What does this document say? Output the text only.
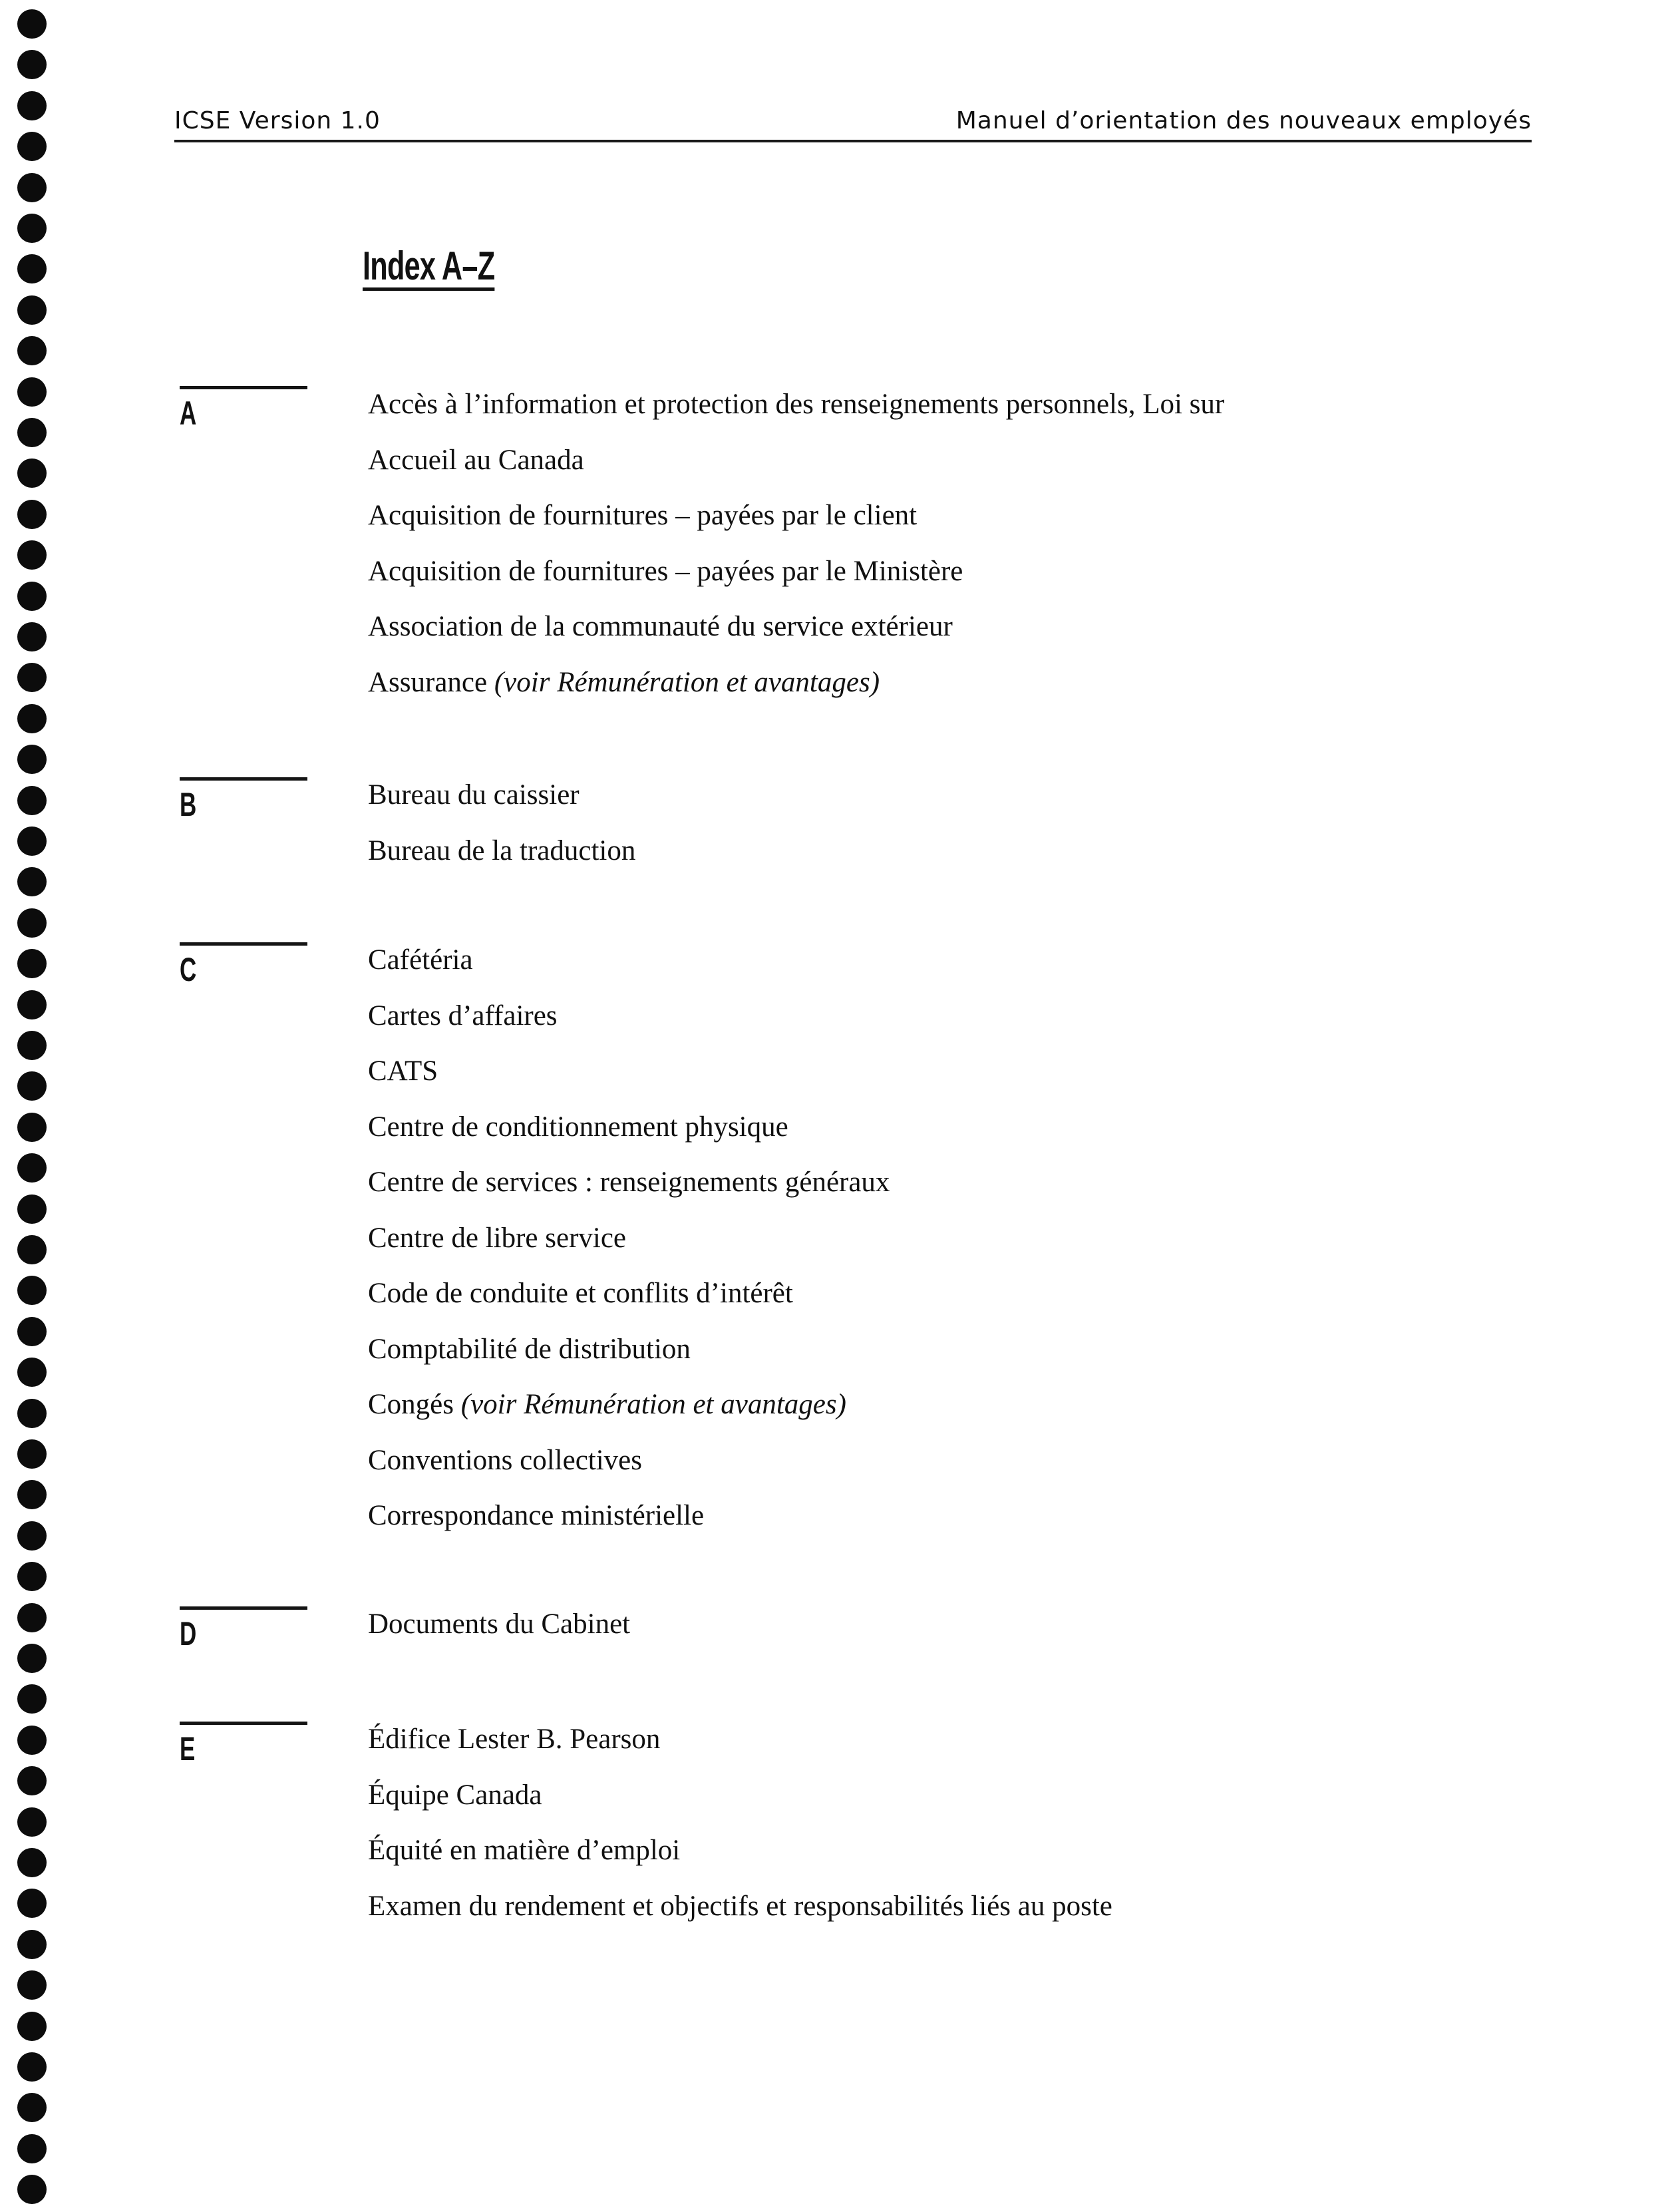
ICSE Version 1.0	Manuel d’orientation des nouveaux employés
Index A–Z
A	Accès à l’information et protection des renseignements personnels, Loi sur
Accueil au Canada
Acquisition de fournitures – payées par le client
Acquisition de fournitures – payées par le Ministère
Association de la communauté du service extérieur
Assurance (voir Rémunération et avantages)
B	Bureau du caissier
Bureau de la traduction
C	Cafétéria
Cartes d’affaires
CATS
Centre de conditionnement physique
Centre de services : renseignements généraux
Centre de libre service
Code de conduite et conflits d’intérêt
Comptabilité de distribution
Congés (voir Rémunération et avantages)
Conventions collectives
Correspondance ministérielle
D	Documents du Cabinet
E	Édifice Lester B. Pearson
Équipe Canada
Équité en matière d’emploi
Examen du rendement et objectifs et responsabilités liés au poste
